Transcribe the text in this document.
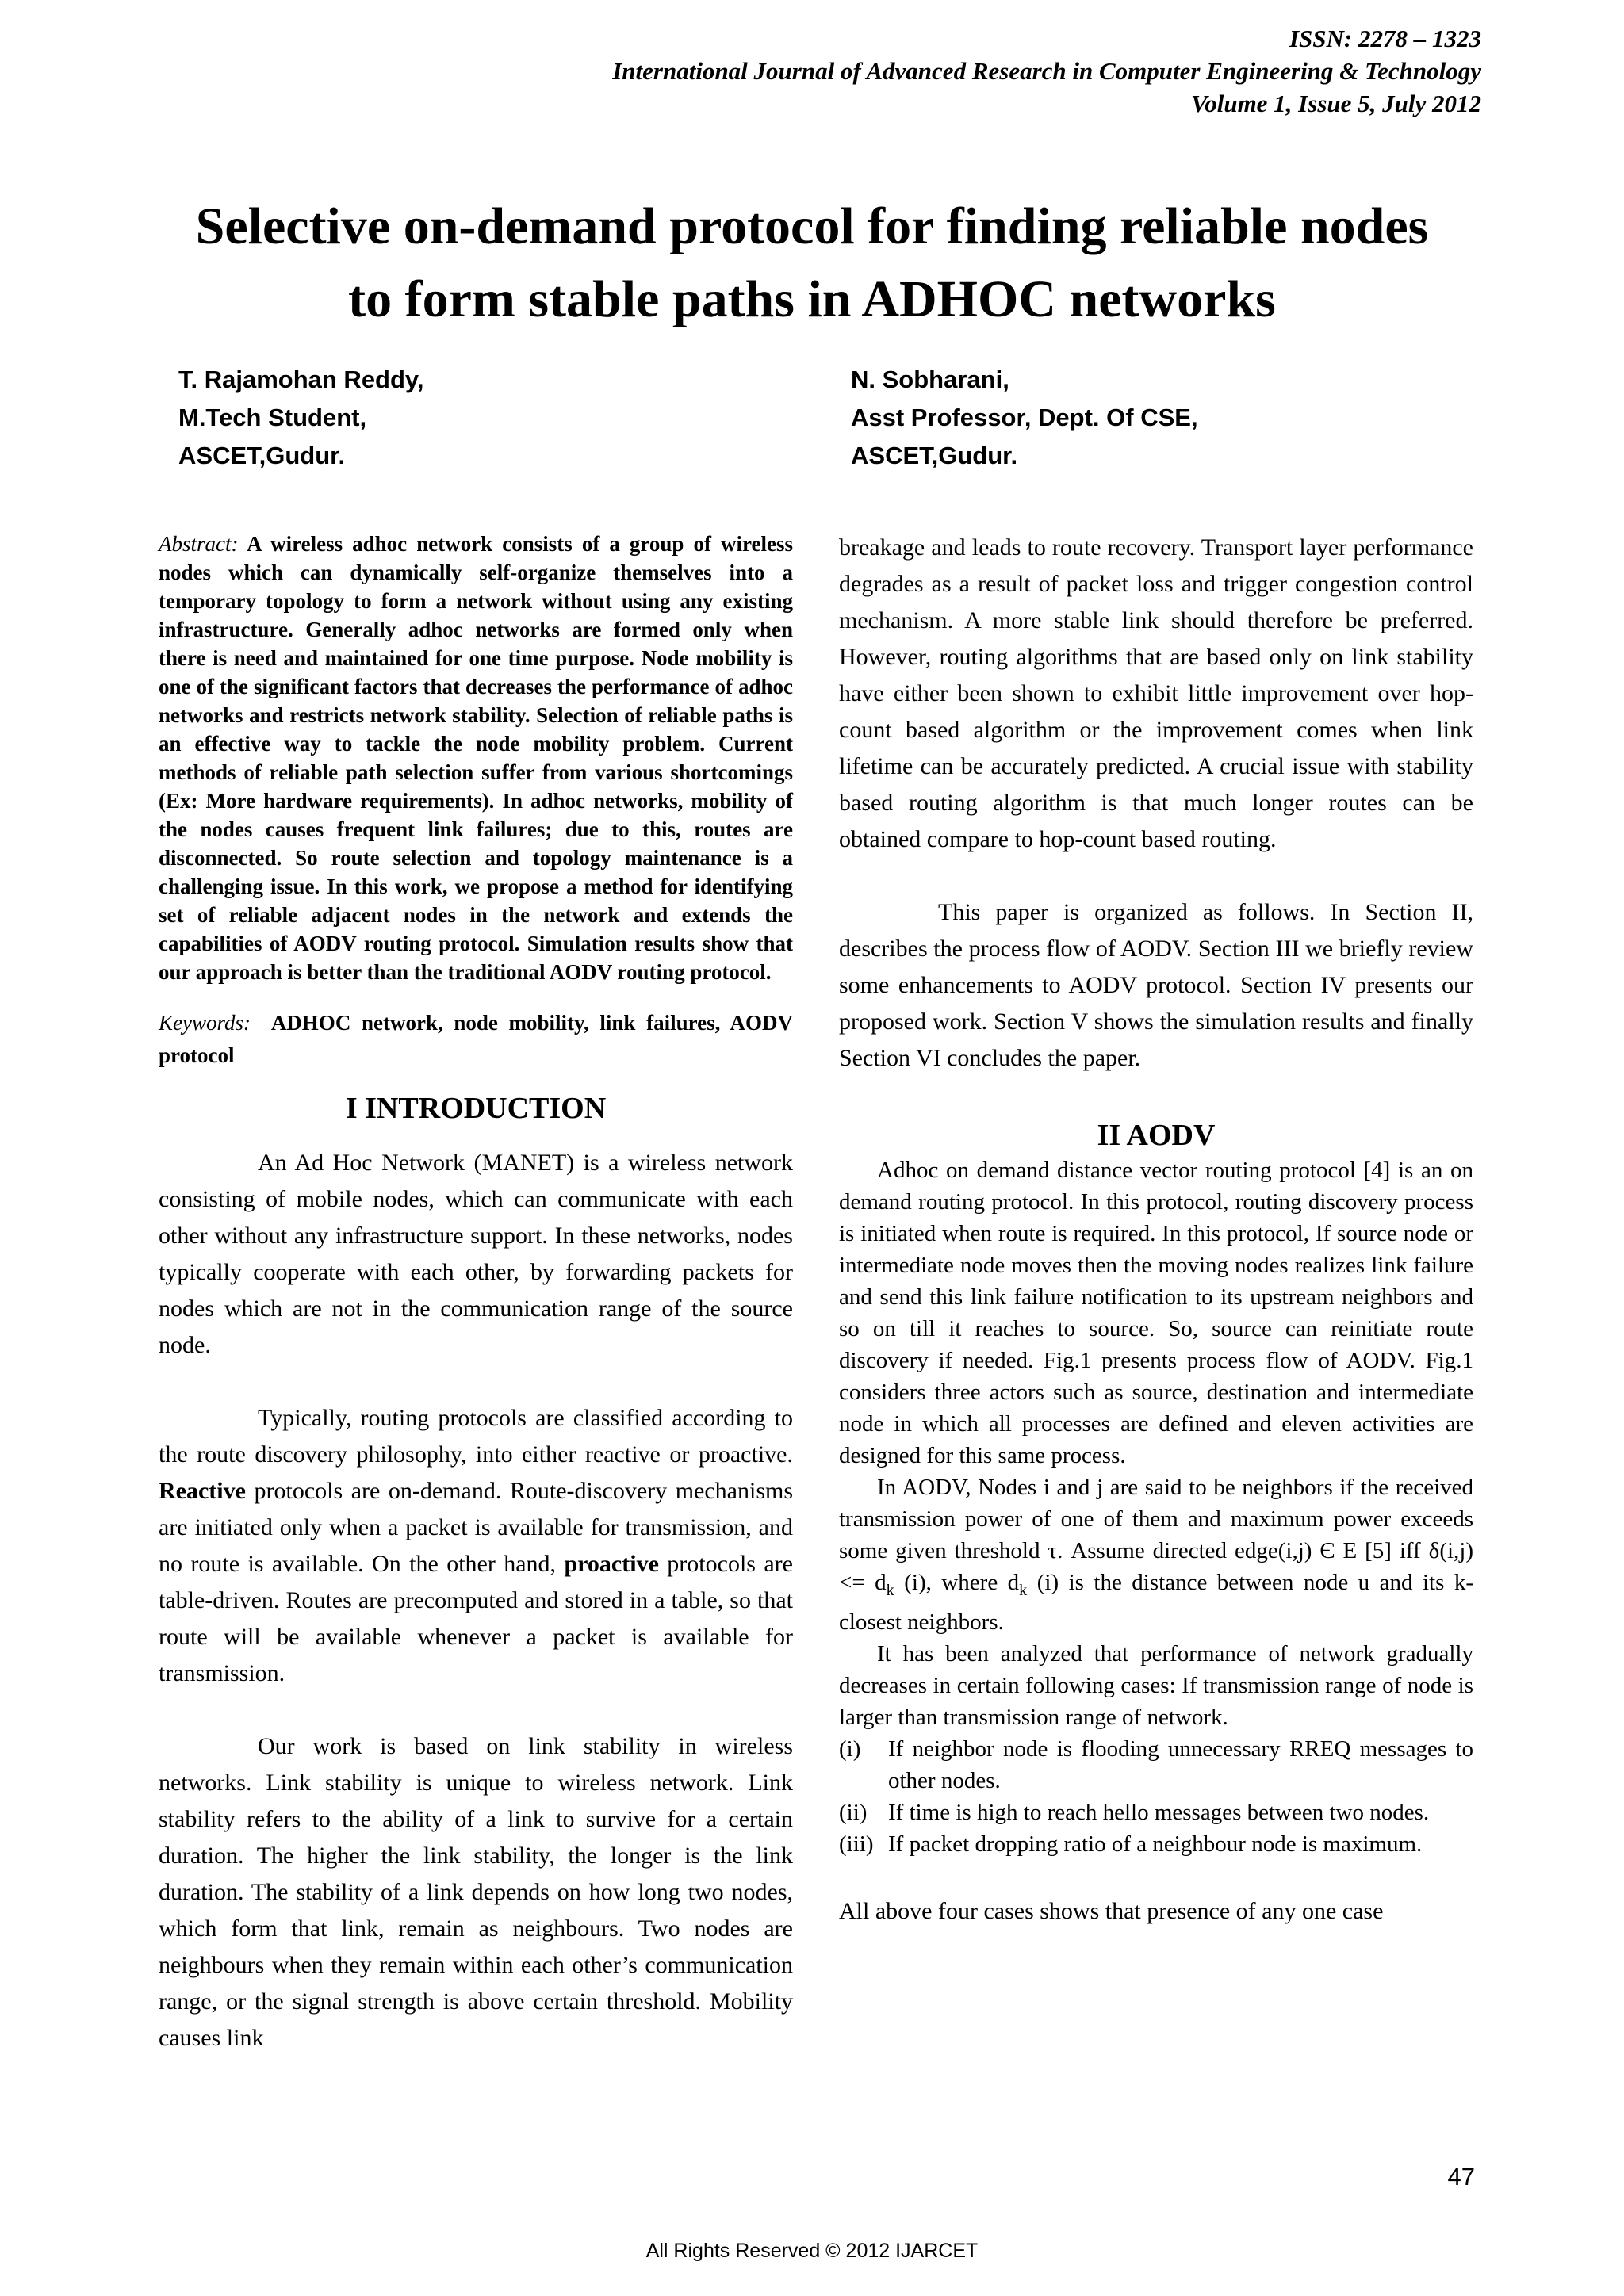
ISSN: 2278 – 1323
International Journal of Advanced Research in Computer Engineering & Technology
Volume 1, Issue 5, July 2012
Selective on-demand protocol for finding reliable nodes
to form stable paths in ADHOC networks
T. Rajamohan Reddy,
M.Tech Student,
ASCET,Gudur.
N. Sobharani,
Asst Professor, Dept. Of CSE,
ASCET,Gudur.

Abstract: A wireless adhoc network consists of a group of wireless nodes which can dynamically self-organize themselves into a temporary topology to form a network without using any existing infrastructure. Generally adhoc networks are formed only when there is need and maintained for one time purpose. Node mobility is one of the significant factors that decreases the performance of adhoc networks and restricts network stability. Selection of reliable paths is an effective way to tackle the node mobility problem. Current methods of reliable path selection suffer from various shortcomings (Ex: More hardware requirements). In adhoc networks, mobility of the nodes causes frequent link failures; due to this, routes are disconnected. So route selection and topology maintenance is a challenging issue. In this work, we propose a method for identifying set of reliable adjacent nodes in the network and extends the capabilities of AODV routing protocol. Simulation results show that our approach is better than the traditional AODV routing protocol.

Keywords: ADHOC network, node mobility, link failures, AODV protocol

I INTRODUCTION

An Ad Hoc Network (MANET) is a wireless network consisting of mobile nodes, which can communicate with each other without any infrastructure support. In these networks, nodes typically cooperate with each other, by forwarding packets for nodes which are not in the communication range of the source node.

Typically, routing protocols are classified according to the route discovery philosophy, into either reactive or proactive. Reactive protocols are on-demand. Route-discovery mechanisms are initiated only when a packet is available for transmission, and no route is available. On the other hand, proactive protocols are table-driven. Routes are precomputed and stored in a table, so that route will be available whenever a packet is available for transmission.

Our work is based on link stability in wireless networks. Link stability is unique to wireless network. Link stability refers to the ability of a link to survive for a certain duration. The higher the link stability, the longer is the link duration. The stability of a link depends on how long two nodes, which form that link, remain as neighbours. Two nodes are neighbours when they remain within each other’s communication range, or the signal strength is above certain threshold. Mobility causes link

breakage and leads to route recovery. Transport layer performance degrades as a result of packet loss and trigger congestion control mechanism. A more stable link should therefore be preferred. However, routing algorithms that are based only on link stability have either been shown to exhibit little improvement over hop-count based algorithm or the improvement comes when link lifetime can be accurately predicted. A crucial issue with stability based routing algorithm is that much longer routes can be obtained compare to hop-count based routing.

This paper is organized as follows. In Section II, describes the process flow of AODV. Section III we briefly review some enhancements to AODV protocol. Section IV presents our proposed work. Section V shows the simulation results and finally Section VI concludes the paper.

II AODV

Adhoc on demand distance vector routing protocol [4] is an on demand routing protocol. In this protocol, routing discovery process is initiated when route is required. In this protocol, If source node or intermediate node moves then the moving nodes realizes link failure and send this link failure notification to its upstream neighbors and so on till it reaches to source. So, source can reinitiate route discovery if needed. Fig.1 presents process flow of AODV. Fig.1 considers three actors such as source, destination and intermediate node in which all processes are defined and eleven activities are designed for this same process.

In AODV, Nodes i and j are said to be neighbors if the received transmission power of one of them and maximum power exceeds some given threshold τ. Assume directed edge(i,j) Є E [5] iff $\delta(i,j) <= d_k$ (i), where $d_k$ (i) is the distance between node u and its k-closest neighbors.

It has been analyzed that performance of network gradually decreases in certain following cases: If transmission range of node is larger than transmission range of network.

(i) If neighbor node is flooding unnecessary RREQ messages to other nodes.
(ii) If time is high to reach hello messages between two nodes.
(iii) If packet dropping ratio of a neighbour node is maximum.

All above four cases shows that presence of any one case

47
All Rights Reserved © 2012 IJARCET
